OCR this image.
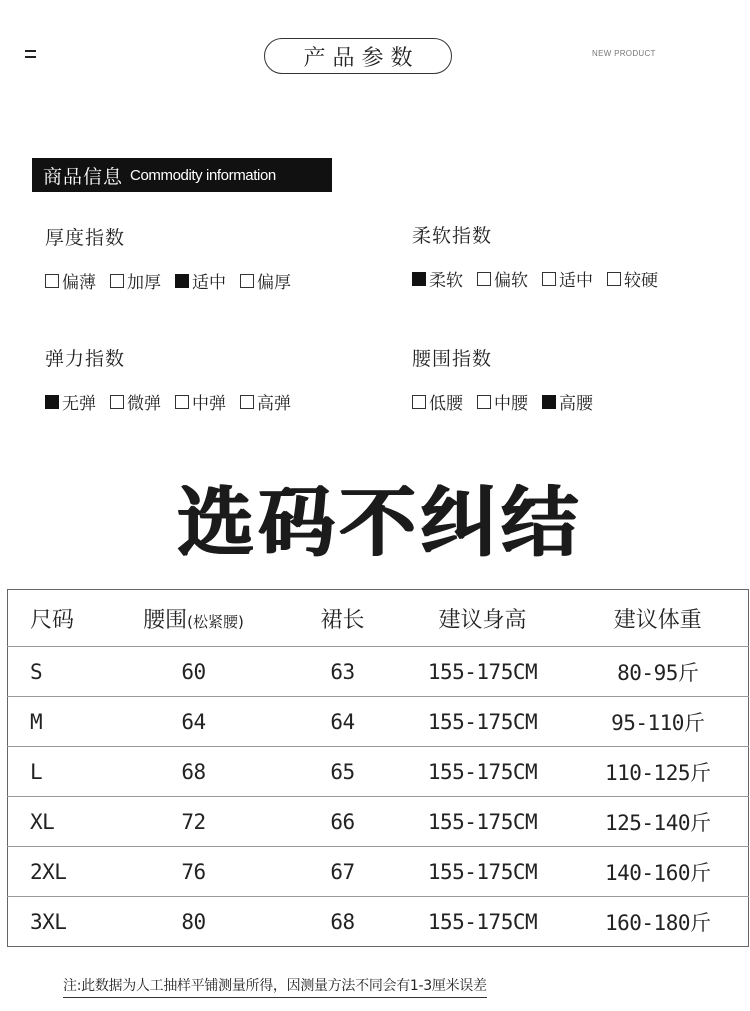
产品参数	NEW PRODUCT
商品信息 Commodity information
厚度指数
偏薄 加厚 适中 偏厚
柔软指数
柔软 偏软 适中 较硬
弹力指数
无弹 微弹 中弹 高弹
腰围指数
低腰 中腰 高腰
选码不纠结
尺码	腰围(松紧腰)	裙长	建议身高	建议体重
S	60	63	155-175CM	80-95斤
M	64	64	155-175CM	95-110斤
L	68	65	155-175CM	110-125斤
XL	72	66	155-175CM	125-140斤
2XL	76	67	155-175CM	140-160斤
3XL	80	68	155-175CM	160-180斤
注:此数据为人工抽样平铺测量所得，因测量方法不同会有1-3厘米误差
